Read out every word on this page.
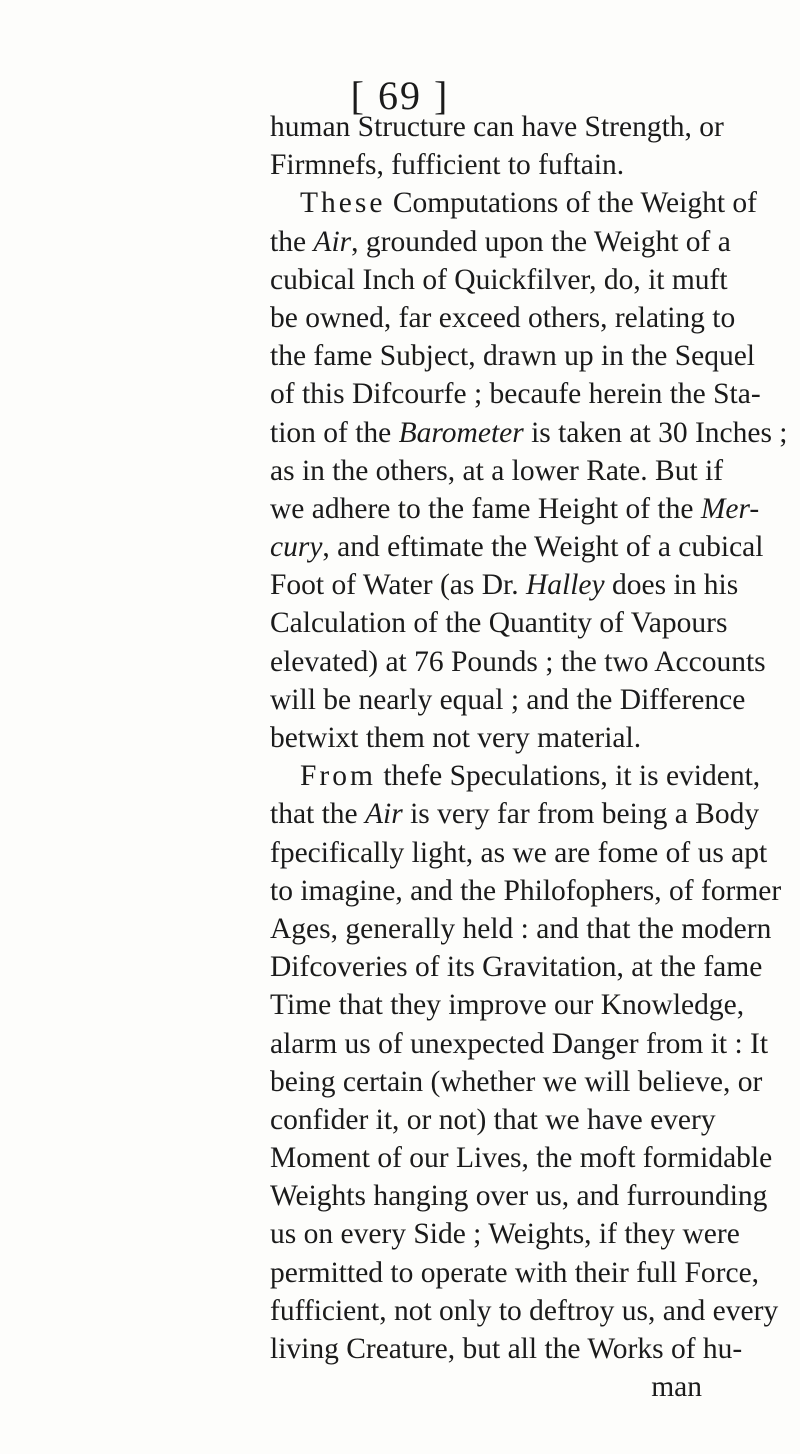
[ 69 ]
human Structure can have Strength, or
Firmnefs, fufficient to fuftain.
These Computations of the Weight of
the Air, grounded upon the Weight of a
cubical Inch of Quickfilver, do, it muft
be owned, far exceed others, relating to
the fame Subject, drawn up in the Sequel
of this Difcourfe ; becaufe herein the Sta-
tion of the Barometer is taken at 30 Inches ;
as in the others, at a lower Rate. But if
we adhere to the fame Height of the Mer-
cury, and eftimate the Weight of a cubical
Foot of Water (as Dr. Halley does in his
Calculation of the Quantity of Vapours
elevated) at 76 Pounds ; the two Accounts
will be nearly equal ; and the Difference
betwixt them not very material.
From thefe Speculations, it is evident,
that the Air is very far from being a Body
fpecifically light, as we are fome of us apt
to imagine, and the Philofophers, of former
Ages, generally held : and that the modern
Difcoveries of its Gravitation, at the fame
Time that they improve our Knowledge,
alarm us of unexpected Danger from it : It
being certain (whether we will believe, or
confider it, or not) that we have every
Moment of our Lives, the moft formidable
Weights hanging over us, and furrounding
us on every Side ; Weights, if they were
permitted to operate with their full Force,
fufficient, not only to deftroy us, and every
living Creature, but all the Works of hu-
man
